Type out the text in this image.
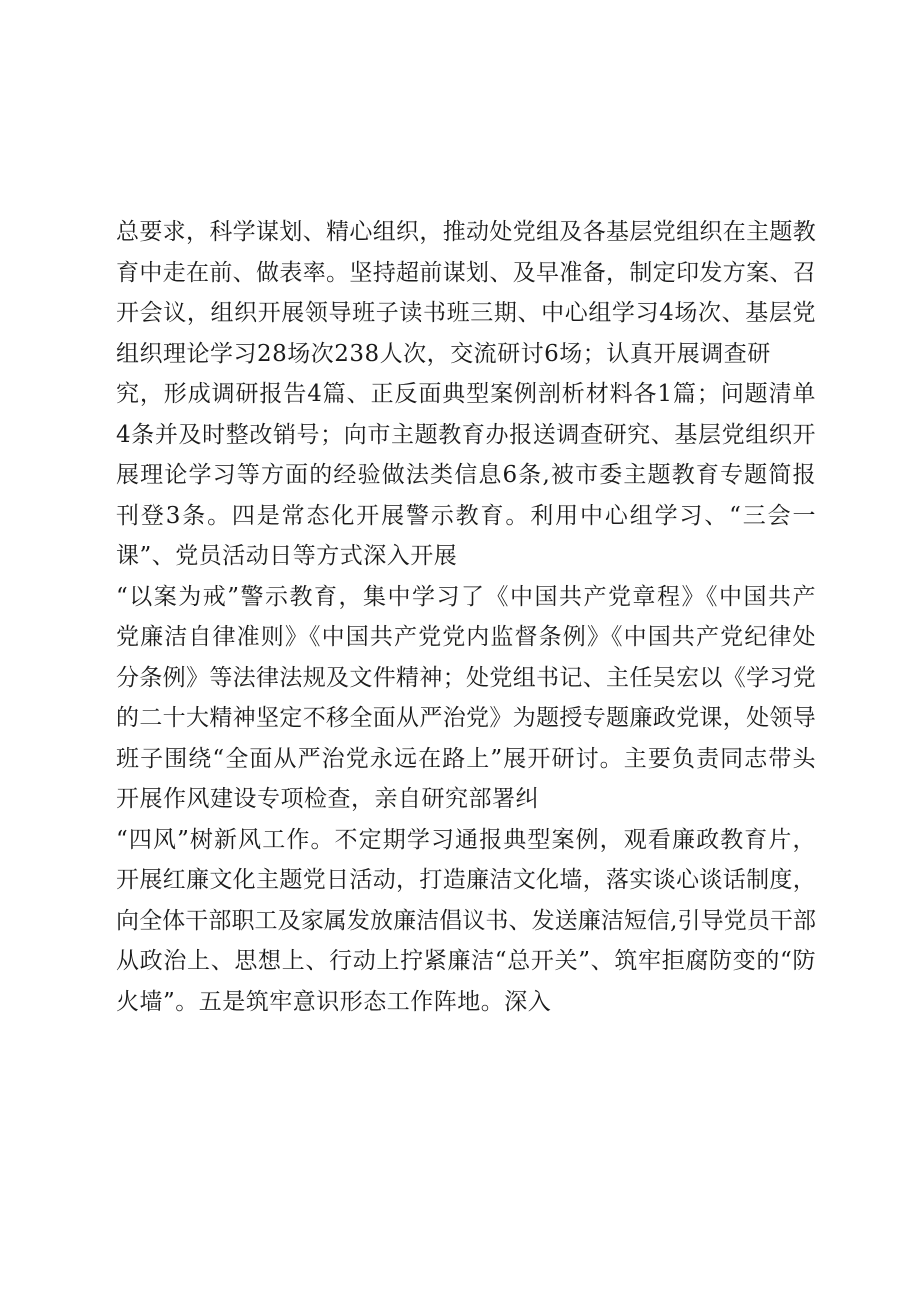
总要求，科学谋划、精心组织，推动处党组及各基层党组织在主题教
育中走在前、做表率。坚持超前谋划、及早准备，制定印发方案、召
开会议，组织开展领导班子读书班三期、中心组学习4场次、基层党
组织理论学习28场次238人次，交流研讨6场；认真开展调查研
究，形成调研报告4篇、正反面典型案例剖析材料各1篇；问题清单
4条并及时整改销号；向市主题教育办报送调查研究、基层党组织开
展理论学习等方面的经验做法类信息6条,被市委主题教育专题简报
刊登3条。四是常态化开展警示教育。利用中心组学习、“三会一
课”、党员活动日等方式深入开展
“以案为戒”警示教育，集中学习了《中国共产党章程》《中国共产
党廉洁自律准则》《中国共产党党内监督条例》《中国共产党纪律处
分条例》等法律法规及文件精神；处党组书记、主任吴宏以《学习党
的二十大精神坚定不移全面从严治党》为题授专题廉政党课，处领导
班子围绕“全面从严治党永远在路上”展开研讨。主要负责同志带头
开展作风建设专项检查，亲自研究部署纠
“四风”树新风工作。不定期学习通报典型案例，观看廉政教育片，
开展红廉文化主题党日活动，打造廉洁文化墙，落实谈心谈话制度，
向全体干部职工及家属发放廉洁倡议书、发送廉洁短信,引导党员干部
从政治上、思想上、行动上拧紧廉洁“总开关”、筑牢拒腐防变的“防
火墙”。五是筑牢意识形态工作阵地。深入
